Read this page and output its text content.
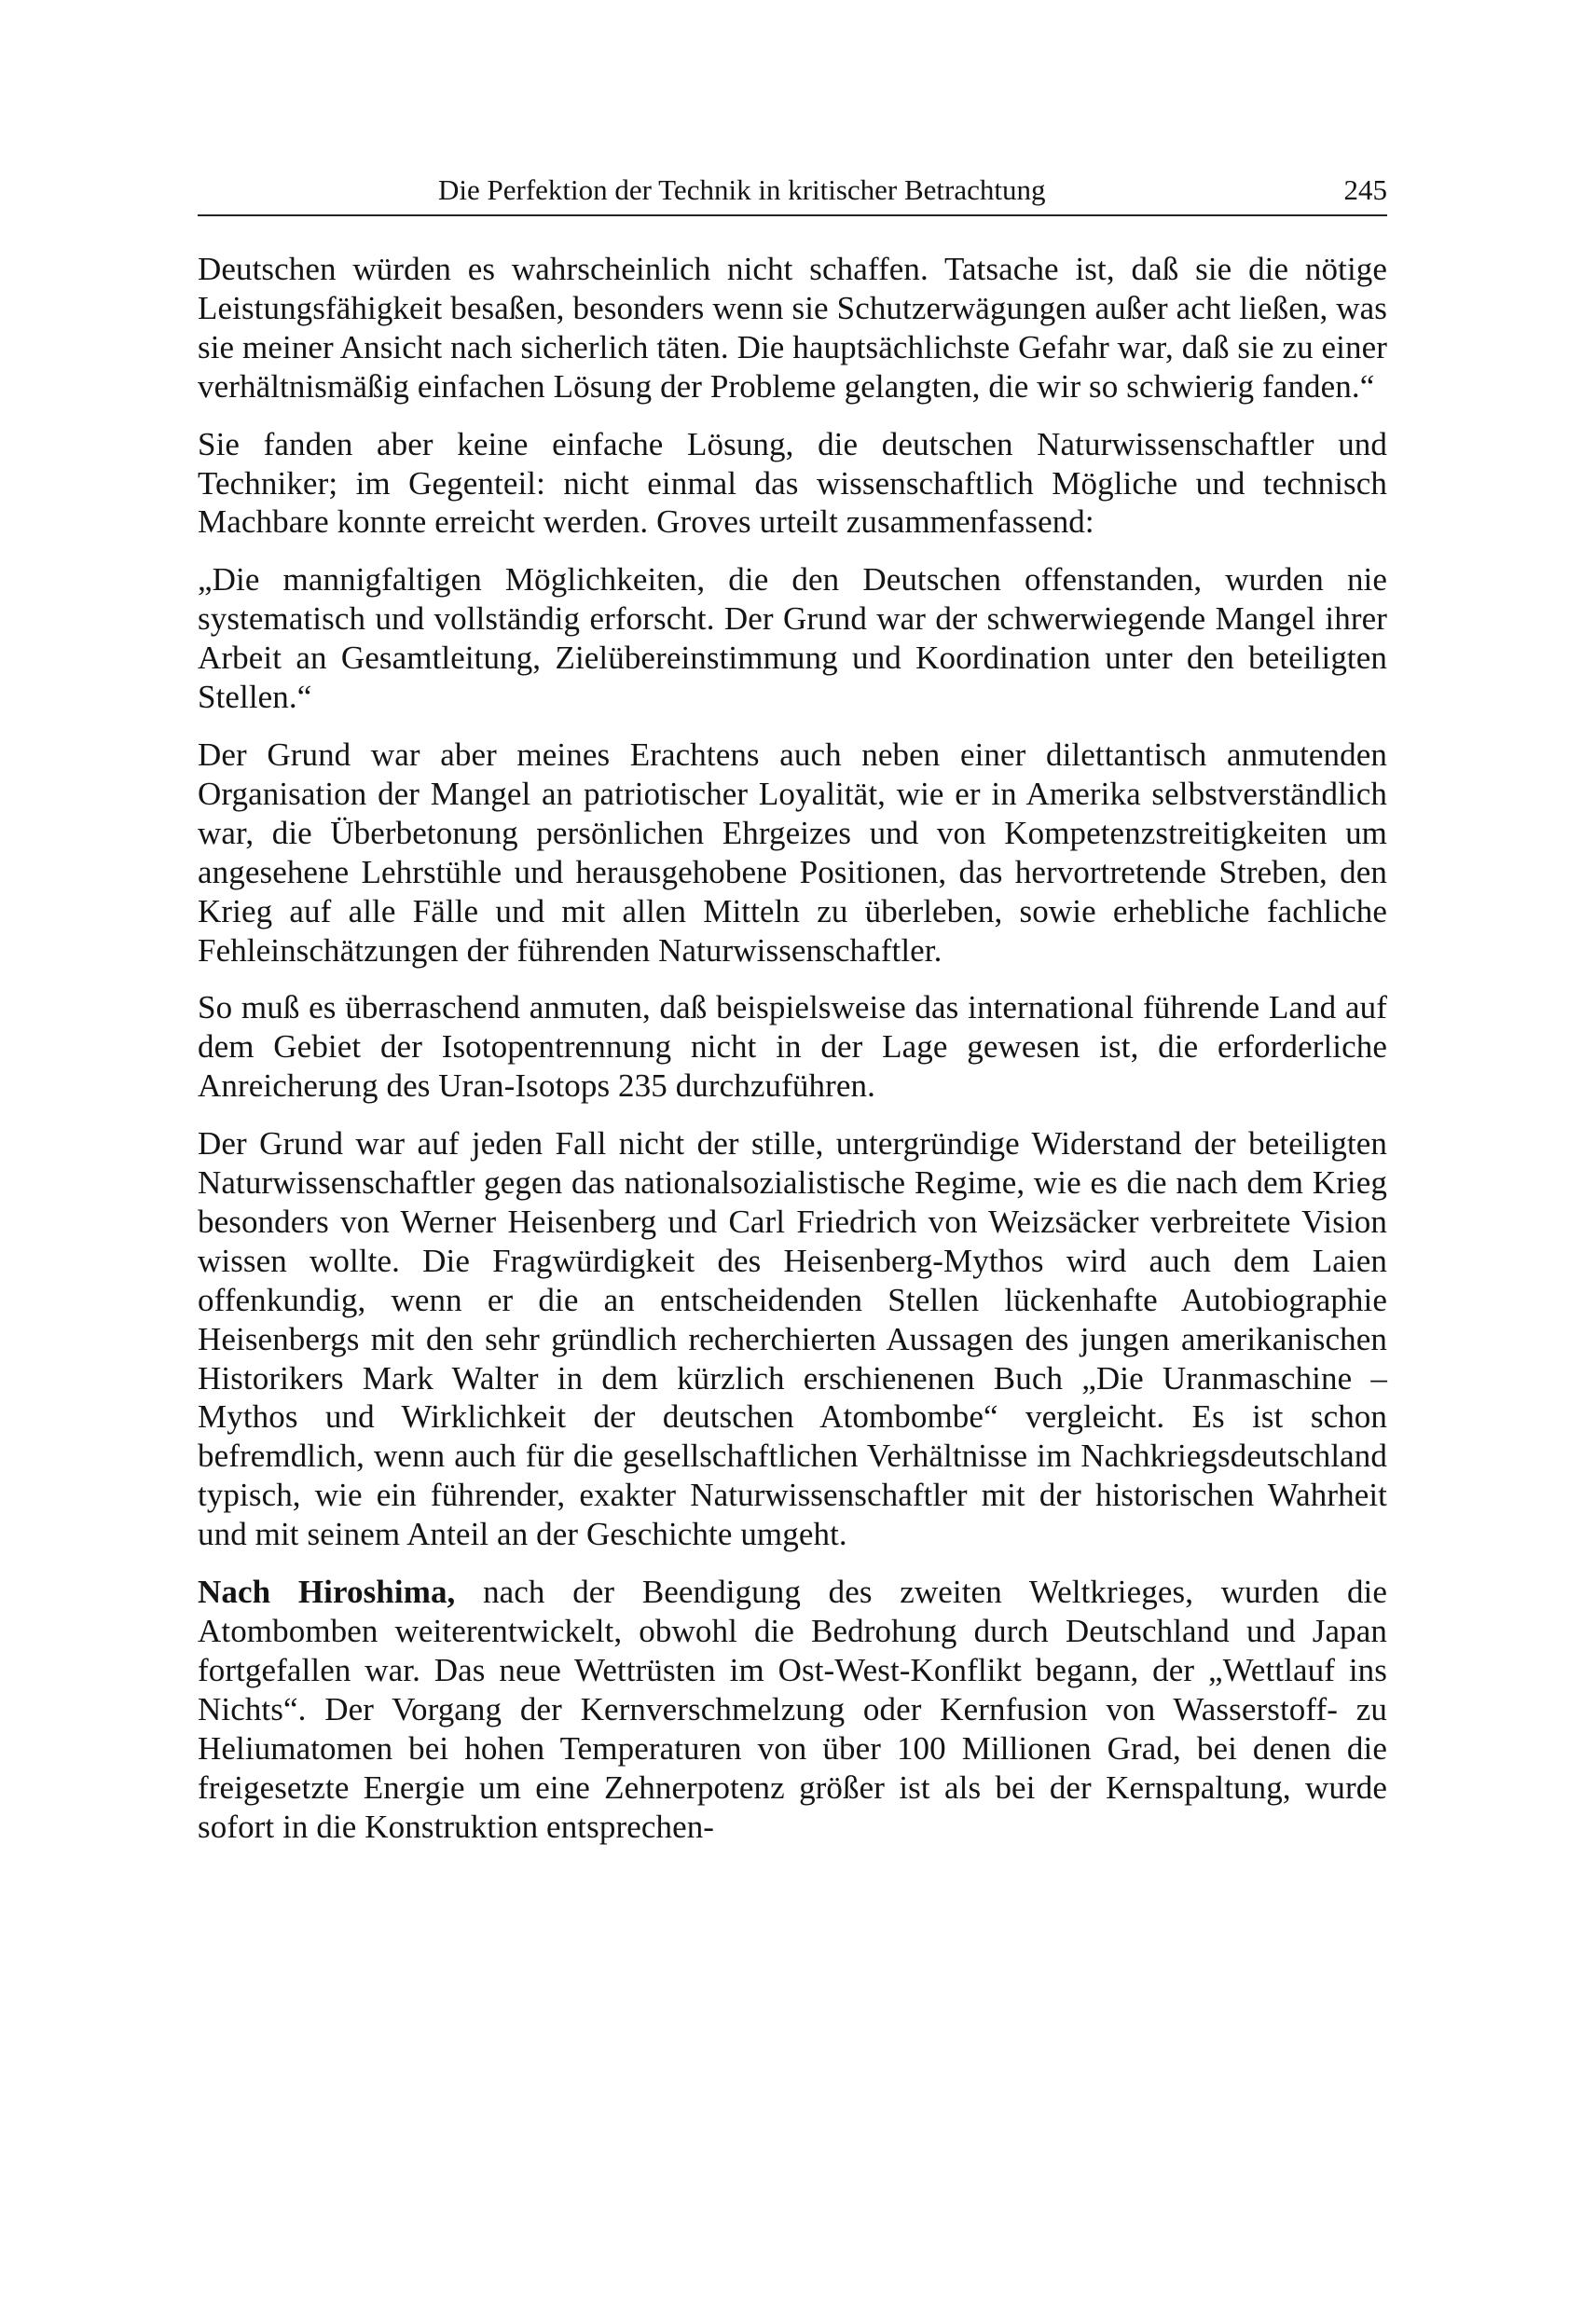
Die Perfektion der Technik in kritischer Betrachtung	245

Deutschen würden es wahrscheinlich nicht schaffen. Tatsache ist, daß sie die nötige Leistungsfähigkeit besaßen, besonders wenn sie Schutzerwägungen außer acht ließen, was sie meiner Ansicht nach sicherlich täten. Die hauptsächlichste Gefahr war, daß sie zu einer verhältnismäßig einfachen Lösung der Probleme gelangten, die wir so schwierig fanden.“

Sie fanden aber keine einfache Lösung, die deutschen Naturwissenschaftler und Techniker; im Gegenteil: nicht einmal das wissenschaftlich Mögliche und technisch Machbare konnte erreicht werden. Groves urteilt zusammenfassend:

„Die mannigfaltigen Möglichkeiten, die den Deutschen offenstanden, wurden nie systematisch und vollständig erforscht. Der Grund war der schwerwiegende Mangel ihrer Arbeit an Gesamtleitung, Zielübereinstimmung und Koordination unter den beteiligten Stellen.“

Der Grund war aber meines Erachtens auch neben einer dilettantisch anmutenden Organisation der Mangel an patriotischer Loyalität, wie er in Amerika selbstverständlich war, die Überbetonung persönlichen Ehrgeizes und von Kompetenzstreitigkeiten um angesehene Lehrstühle und herausgehobene Positionen, das hervortretende Streben, den Krieg auf alle Fälle und mit allen Mitteln zu überleben, sowie erhebliche fachliche Fehleinschätzungen der führenden Naturwissenschaftler.

So muß es überraschend anmuten, daß beispielsweise das international führende Land auf dem Gebiet der Isotopentrennung nicht in der Lage gewesen ist, die erforderliche Anreicherung des Uran-Isotops 235 durchzuführen.

Der Grund war auf jeden Fall nicht der stille, untergründige Widerstand der beteiligten Naturwissenschaftler gegen das nationalsozialistische Regime, wie es die nach dem Krieg besonders von Werner Heisenberg und Carl Friedrich von Weizsäcker verbreitete Vision wissen wollte. Die Fragwürdigkeit des Heisenberg-Mythos wird auch dem Laien offenkundig, wenn er die an entscheidenden Stellen lückenhafte Autobiographie Heisenbergs mit den sehr gründlich recherchierten Aussagen des jungen amerikanischen Historikers Mark Walter in dem kürzlich erschienenen Buch „Die Uranmaschine – Mythos und Wirklichkeit der deutschen Atombombe“ vergleicht. Es ist schon befremdlich, wenn auch für die gesellschaftlichen Verhältnisse im Nachkriegsdeutschland typisch, wie ein führender, exakter Naturwissenschaftler mit der historischen Wahrheit und mit seinem Anteil an der Geschichte umgeht.

Nach Hiroshima, nach der Beendigung des zweiten Weltkrieges, wurden die Atombomben weiterentwickelt, obwohl die Bedrohung durch Deutschland und Japan fortgefallen war. Das neue Wettrüsten im Ost-West-Konflikt begann, der „Wettlauf ins Nichts“. Der Vorgang der Kernverschmelzung oder Kernfusion von Wasserstoff- zu Heliumatomen bei hohen Temperaturen von über 100 Millionen Grad, bei denen die freigesetzte Energie um eine Zehnerpotenz größer ist als bei der Kernspaltung, wurde sofort in die Konstruktion entsprechen-
